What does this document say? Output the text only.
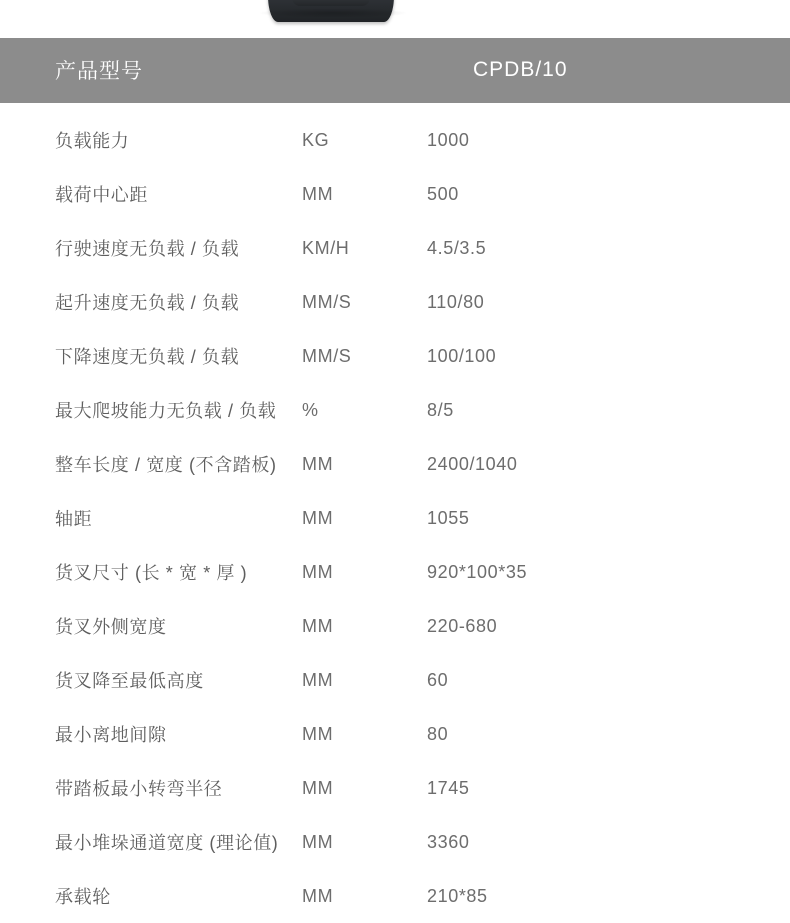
产品型号		CPDB/10
负载能力	KG	1000
载荷中心距	MM	500
行驶速度无负载 / 负载	KM/H	4.5/3.5
起升速度无负载 / 负载	MM/S	110/80
下降速度无负载 / 负载	MM/S	100/100
最大爬坡能力无负载 / 负载	%	8/5
整车长度 / 宽度 (不含踏板)	MM	2400/1040
轴距	MM	1055
货叉尺寸 (长 * 宽 * 厚 )	MM	920*100*35
货叉外侧宽度	MM	220-680
货叉降至最低高度	MM	60
最小离地间隙	MM	80
带踏板最小转弯半径	MM	1745
最小堆垛通道宽度 (理论值)	MM	3360
承载轮	MM	210*85
